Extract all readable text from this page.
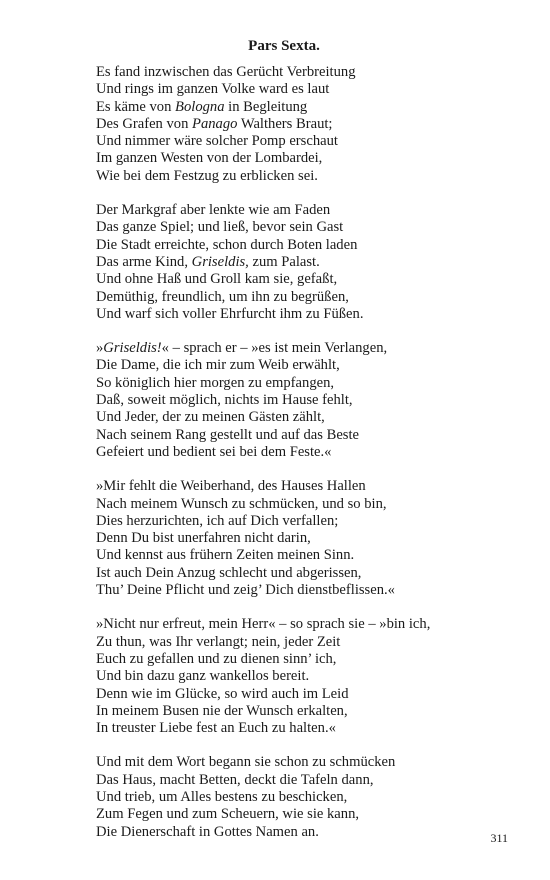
Pars Sexta.
Es fand inzwischen das Gerücht Verbreitung
Und rings im ganzen Volke ward es laut
Es käme von Bologna in Begleitung
Des Grafen von Panago Walthers Braut;
Und nimmer wäre solcher Pomp erschaut
Im ganzen Westen von der Lombardei,
Wie bei dem Festzug zu erblicken sei.
Der Markgraf aber lenkte wie am Faden
Das ganze Spiel; und ließ, bevor sein Gast
Die Stadt erreichte, schon durch Boten laden
Das arme Kind, Griseldis, zum Palast.
Und ohne Haß und Groll kam sie, gefaßt,
Demüthig, freundlich, um ihn zu begrüßen,
Und warf sich voller Ehrfurcht ihm zu Füßen.
»Griseldis!« – sprach er – »es ist mein Verlangen,
Die Dame, die ich mir zum Weib erwählt,
So königlich hier morgen zu empfangen,
Daß, soweit möglich, nichts im Hause fehlt,
Und Jeder, der zu meinen Gästen zählt,
Nach seinem Rang gestellt und auf das Beste
Gefeiert und bedient sei bei dem Feste.«
»Mir fehlt die Weiberhand, des Hauses Hallen
Nach meinem Wunsch zu schmücken, und so bin,
Dies herzurichten, ich auf Dich verfallen;
Denn Du bist unerfahren nicht darin,
Und kennst aus frühern Zeiten meinen Sinn.
Ist auch Dein Anzug schlecht und abgerissen,
Thu’ Deine Pflicht und zeig’ Dich dienstbeflissen.«
»Nicht nur erfreut, mein Herr« – so sprach sie – »bin ich,
Zu thun, was Ihr verlangt; nein, jeder Zeit
Euch zu gefallen und zu dienen sinn’ ich,
Und bin dazu ganz wankellos bereit.
Denn wie im Glücke, so wird auch im Leid
In meinem Busen nie der Wunsch erkalten,
In treuster Liebe fest an Euch zu halten.«
Und mit dem Wort begann sie schon zu schmücken
Das Haus, macht Betten, deckt die Tafeln dann,
Und trieb, um Alles bestens zu beschicken,
Zum Fegen und zum Scheuern, wie sie kann,
Die Dienerschaft in Gottes Namen an.	311
